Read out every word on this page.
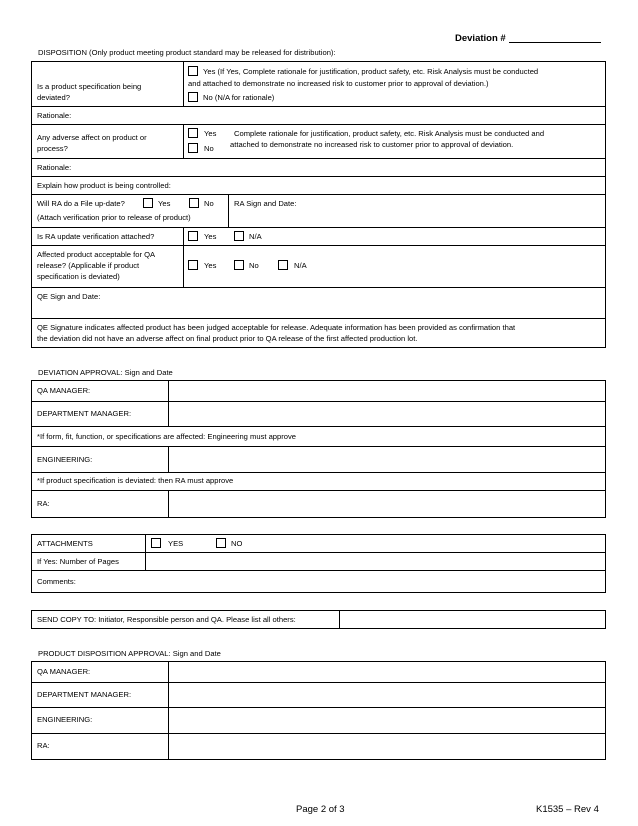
Deviation #
DISPOSITION (Only product meeting product standard may be released for distribution):
Is a product specification being
deviated?
Yes (If Yes, Complete rationale for justification, product safety, etc. Risk Analysis must be conducted
and attached to demonstrate no increased risk to customer prior to approval of deviation.)
No (N/A for rationale)
Rationale:
Any adverse affect on product or
process?
Yes
No
Complete rationale for justification, product safety, etc. Risk Analysis must be conducted and
attached to demonstrate no increased risk to customer prior to approval of deviation.
Rationale:
Explain how product is being controlled:
Will RA do a File up-date?	Yes	No
(Attach verification prior to release of product)
RA Sign and Date:
Is RA update verification attached?	Yes	N/A
Affected product acceptable for QA
release? (Applicable if product
specification is deviated)
Yes	No	N/A
QE Sign and Date:
QE Signature indicates affected product has been judged acceptable for release. Adequate information has been provided as confirmation that
the deviation did not have an adverse affect on final product prior to QA release of the first affected production lot.
DEVIATION APPROVAL: Sign and Date
QA MANAGER:
DEPARTMENT MANAGER:
*If form, fit, function, or specifications are affected: Engineering must approve
ENGINEERING:
*If product specification is deviated: then RA must approve
RA:
ATTACHMENTS	YES	NO
If Yes: Number of Pages
Comments:
SEND COPY TO: Initiator, Responsible person and QA. Please list all others:
PRODUCT DISPOSITION APPROVAL: Sign and Date
QA MANAGER:
DEPARTMENT MANAGER:
ENGINEERING:
RA:
Page 2 of 3	K1535 – Rev 4
